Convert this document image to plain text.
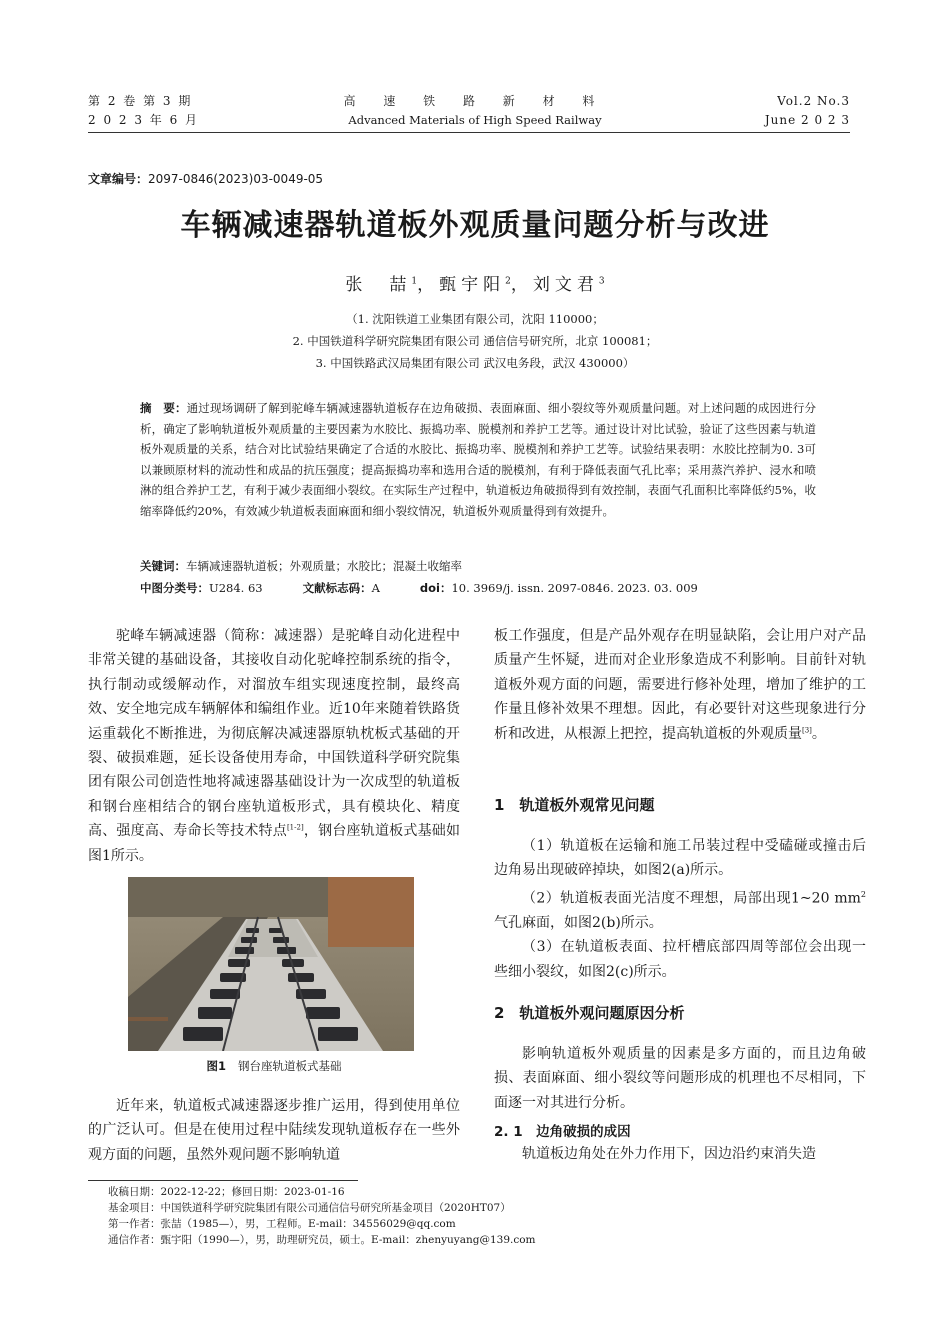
第 2 卷 第 3 期
2 0 2 3 年 6 月
高 速 铁 路 新 材 料
Advanced Materials of High Speed Railway
Vol.2 No.3
June 2 0 2 3
文章编号：2097-0846(2023)03-0049-05
车辆减速器轨道板外观质量问题分析与改进
张　喆$^1$，甄宇阳$^2$，刘文君$^3$
（1. 沈阳铁道工业集团有限公司，沈阳 110000；
2. 中国铁道科学研究院集团有限公司 通信信号研究所，北京 100081；
3. 中国铁路武汉局集团有限公司 武汉电务段，武汉 430000）
摘　要：通过现场调研了解到驼峰车辆减速器轨道板存在边角破损、表面麻面、细小裂纹等外观质量问题。对上述问题的成因进行分析，确定了影响轨道板外观质量的主要因素为水胶比、振捣功率、脱模剂和养护工艺等。通过设计对比试验，验证了这些因素与轨道板外观质量的关系，结合对比试验结果确定了合适的水胶比、振捣功率、脱模剂和养护工艺等。试验结果表明：水胶比控制为0. 3可以兼顾原材料的流动性和成品的抗压强度；提高振捣功率和选用合适的脱模剂，有利于降低表面气孔比率；采用蒸汽养护、浸水和喷淋的组合养护工艺，有利于减少表面细小裂纹。在实际生产过程中，轨道板边角破损得到有效控制，表面气孔面积比率降低约5%，收缩率降低约20%，有效减少轨道板表面麻面和细小裂纹情况，轨道板外观质量得到有效提升。
关键词：车辆减速器轨道板；外观质量；水胶比；混凝土收缩率
中图分类号：U284. 63	文献标志码：A	doi：10. 3969/j. issn. 2097-0846. 2023. 03. 009

驼峰车辆减速器（简称：减速器）是驼峰自动化进程中非常关键的基础设备，其接收自动化驼峰控制系统的指令，执行制动或缓解动作，对溜放车组实现速度控制，最终高效、安全地完成车辆解体和编组作业。近10年来随着铁路货运重载化不断推进，为彻底解决减速器原轨枕板式基础的开裂、破损难题，延长设备使用寿命，中国铁道科学研究院集团有限公司创造性地将减速器基础设计为一次成型的轨道板和钢台座相结合的钢台座轨道板形式，具有模块化、精度高、强度高、寿命长等技术特点[1-2]，钢台座轨道板式基础如图1所示。

图1 钢台座轨道板式基础

近年来，轨道板式减速器逐步推广运用，得到使用单位的广泛认可。但是在使用过程中陆续发现轨道板存在一些外观方面的问题，虽然外观问题不影响轨道

板工作强度，但是产品外观存在明显缺陷，会让用户对产品质量产生怀疑，进而对企业形象造成不利影响。目前针对轨道板外观方面的问题，需要进行修补处理，增加了维护的工作量且修补效果不理想。因此，有必要针对这些现象进行分析和改进，从根源上把控，提高轨道板的外观质量[3]。

1　轨道板外观常见问题

（1）轨道板在运输和施工吊装过程中受磕碰或撞击后边角易出现破碎掉块，如图2(a)所示。

（2）轨道板表面光洁度不理想，局部出现1~20 $mm^2$气孔麻面，如图2(b)所示。

（3）在轨道板表面、拉杆槽底部四周等部位会出现一些细小裂纹，如图2(c)所示。

2　轨道板外观问题原因分析

影响轨道板外观质量的因素是多方面的，而且边角破损、表面麻面、细小裂纹等问题形成的机理也不尽相同，下面逐一对其进行分析。

2. 1　边角破损的成因

轨道板边角处在外力作用下，因边沿约束消失造

收稿日期：2022-12-22；修回日期：2023-01-16
基金项目：中国铁道科学研究院集团有限公司通信信号研究所基金项目（2020HT07）
第一作者：张喆（1985—），男，工程师。E-mail：34556029@qq.com
通信作者：甄宇阳（1990—），男，助理研究员，硕士。E-mail：zhenyuyang@139.com
